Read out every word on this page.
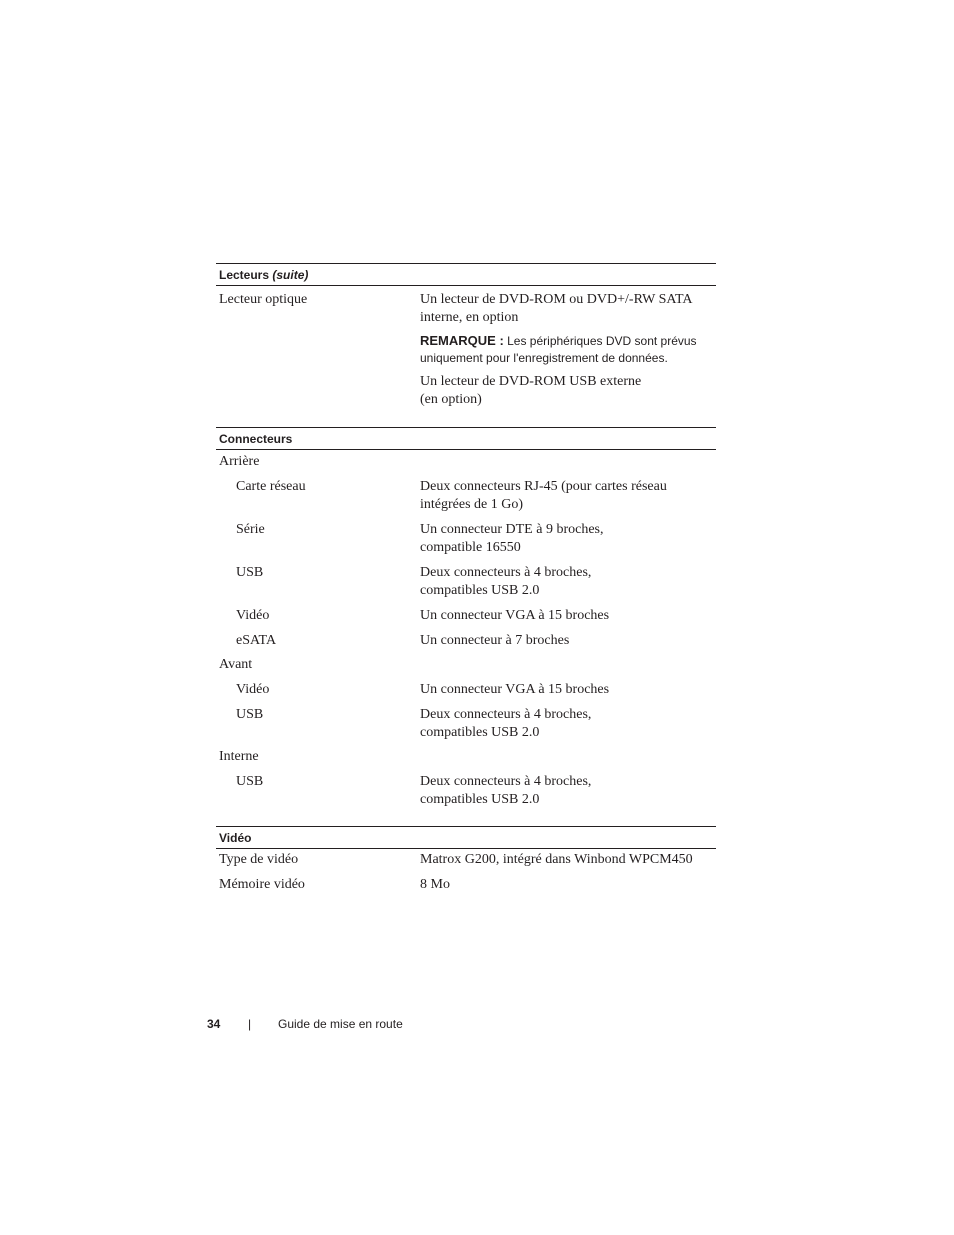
Lecteurs (suite)
Lecteur optique	Un lecteur de DVD-ROM ou DVD+/-RW SATA
interne, en option
REMARQUE : Les périphériques DVD sont prévus
uniquement pour l'enregistrement de données.
Un lecteur de DVD-ROM USB externe
(en option)
Connecteurs
Arrière
Carte réseau	Deux connecteurs RJ-45 (pour cartes réseau
intégrées de 1 Go)
Série	Un connecteur DTE à 9 broches,
compatible 16550
USB	Deux connecteurs à 4 broches,
compatibles USB 2.0
Vidéo	Un connecteur VGA à 15 broches
eSATA	Un connecteur à 7 broches
Avant
Vidéo	Un connecteur VGA à 15 broches
USB	Deux connecteurs à 4 broches,
compatibles USB 2.0
Interne
USB	Deux connecteurs à 4 broches,
compatibles USB 2.0
Vidéo
Type de vidéo	Matrox G200, intégré dans Winbond WPCM450
Mémoire vidéo	8 Mo
34 | Guide de mise en route
